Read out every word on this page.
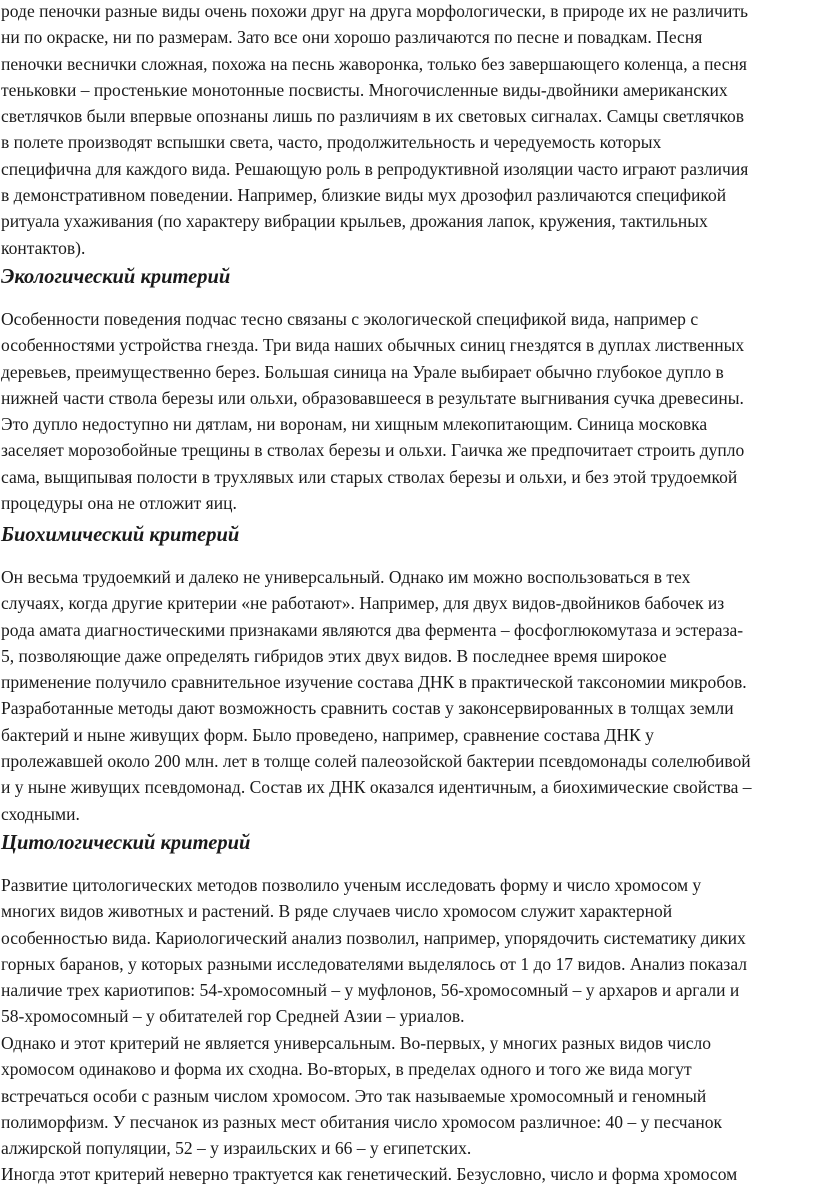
роде пеночки разные виды очень похожи друг на друга морфологически, в природе их не различить
ни по окраске, ни по размерам. Зато все они хорошо различаются по песне и повадкам. Песня
пеночки веснички сложная, похожа на песнь жаворонка, только без завершающего коленца, а песня
теньковки – простенькие монотонные посвисты. Многочисленные виды-двойники американских
светлячков были впервые опознаны лишь по различиям в их световых сигналах. Самцы светлячков
в полете производят вспышки света, часто, продолжительность и чередуемость которых
специфична для каждого вида. Решающую роль в репродуктивной изоляции часто играют различия
в демонстративном поведении. Например, близкие виды мух дрозофил различаются спецификой
ритуала ухаживания (по характеру вибрации крыльев, дрожания лапок, кружения, тактильных
контактов).

Экологический критерий

Особенности поведения подчас тесно связаны с экологической спецификой вида, например с
особенностями устройства гнезда. Три вида наших обычных синиц гнездятся в дуплах лиственных
деревьев, преимущественно берез. Большая синица на Урале выбирает обычно глубокое дупло в
нижней части ствола березы или ольхи, образовавшееся в результате выгнивания сучка древесины.
Это дупло недоступно ни дятлам, ни воронам, ни хищным млекопитающим. Синица московка
заселяет морозобойные трещины в стволах березы и ольхи. Гаичка же предпочитает строить дупло
сама, выщипывая полости в трухлявых или старых стволах березы и ольхи, и без этой трудоемкой
процедуры она не отложит яиц.

Биохимический критерий

Он весьма трудоемкий и далеко не универсальный. Однако им можно воспользоваться в тех
случаях, когда другие критерии «не работают». Например, для двух видов-двойников бабочек из
рода амата диагностическими признаками являются два фермента – фосфоглюкомутаза и эстераза-
5, позволяющие даже определять гибридов этих двух видов. В последнее время широкое
применение получило сравнительное изучение состава ДНК в практической таксономии микробов.
Разработанные методы дают возможность сравнить состав у законсервированных в толщах земли
бактерий и ныне живущих форм. Было проведено, например, сравнение состава ДНК у
пролежавшей около 200 млн. лет в толще солей палеозойской бактерии псевдомонады солелюбивой
и у ныне живущих псевдомонад. Состав их ДНК оказался идентичным, а биохимические свойства –
сходными.

Цитологический критерий

Развитие цитологических методов позволило ученым исследовать форму и число хромосом у
многих видов животных и растений. В ряде случаев число хромосом служит характерной
особенностью вида. Кариологический анализ позволил, например, упорядочить систематику диких
горных баранов, у которых разными исследователями выделялось от 1 до 17 видов. Анализ показал
наличие трех кариотипов: 54-хромосомный – у муфлонов, 56-хромосомный – у архаров и аргали и
58-хромосомный – у обитателей гор Средней Азии – уриалов.

Однако и этот критерий не является универсальным. Во-первых, у многих разных видов число
хромосом одинаково и форма их сходна. Во-вторых, в пределах одного и того же вида могут
встречаться особи с разным числом хромосом. Это так называемые хромосомный и геномный
полиморфизм. У песчанок из разных мест обитания число хромосом различное: 40 – у песчанок
алжирской популяции, 52 – у израильских и 66 – у египетских.

Иногда этот критерий неверно трактуется как генетический. Безусловно, число и форма хромосом
